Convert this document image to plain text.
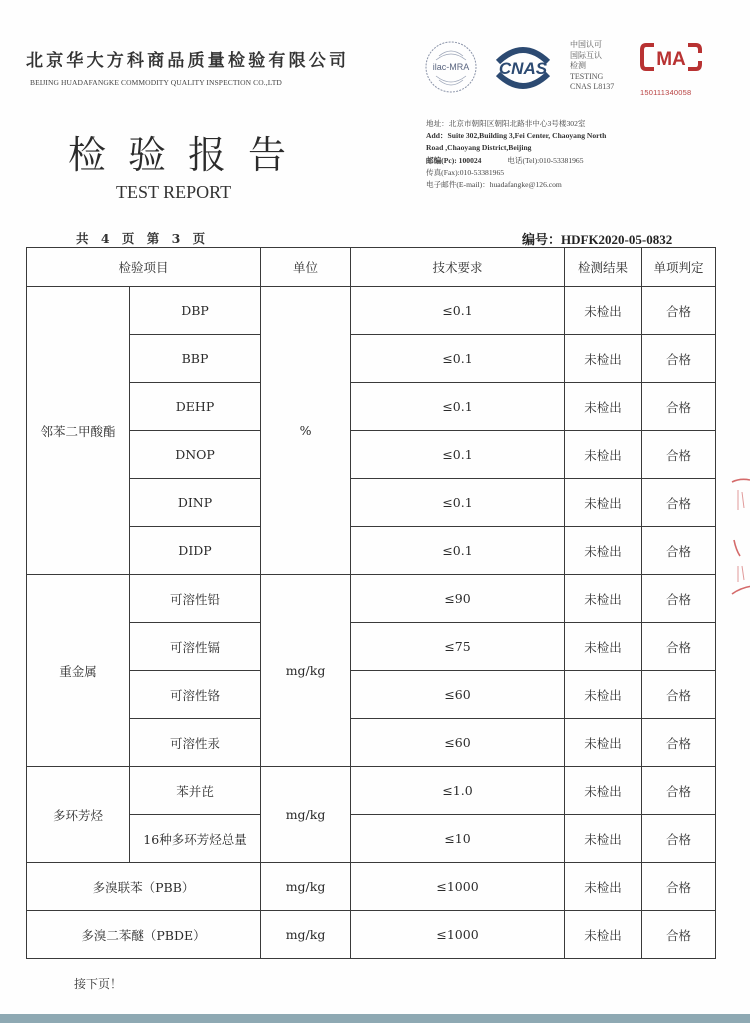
北京华大方科商品质量检验有限公司
BEIJING HUADAFANGKE COMMODITY QUALITY INSPECTION CO.,LTD
检验报告
TEST REPORT
共 4 页 第 3 页	编号：HDFK2020-05-0832
ilac-MRA CNAS
中国认可
国际互认
检测
TESTING
CNAS L8137
MA
150111340058
地址：北京市朝阳区朝阳北路非中心3号楼302室
Add：Suite 302,Building 3,Fei Center, Chaoyang North
Road ,Chaoyang District,Beijing
邮编(Pc): 100024	电话(Tel):010-53381965
传真(Fax):010-53381965
电子邮件(E-mail)：huadafangke@126.com
检验项目		单位	技术要求	检测结果	单项判定
邻苯二甲酸酯	DBP	%	≤0.1	未检出	合格
	BBP		≤0.1	未检出	合格
	DEHP		≤0.1	未检出	合格
	DNOP		≤0.1	未检出	合格
	DINP		≤0.1	未检出	合格
	DIDP		≤0.1	未检出	合格
重金属	可溶性铅	mg/kg	≤90	未检出	合格
	可溶性镉		≤75	未检出	合格
	可溶性铬		≤60	未检出	合格
	可溶性汞		≤60	未检出	合格
多环芳烃	苯并芘	mg/kg	≤1.0	未检出	合格
	16种多环芳烃总量		≤10	未检出	合格
多溴联苯（PBB）		mg/kg	≤1000	未检出	合格
多溴二苯醚（PBDE）		mg/kg	≤1000	未检出	合格
接下页！
